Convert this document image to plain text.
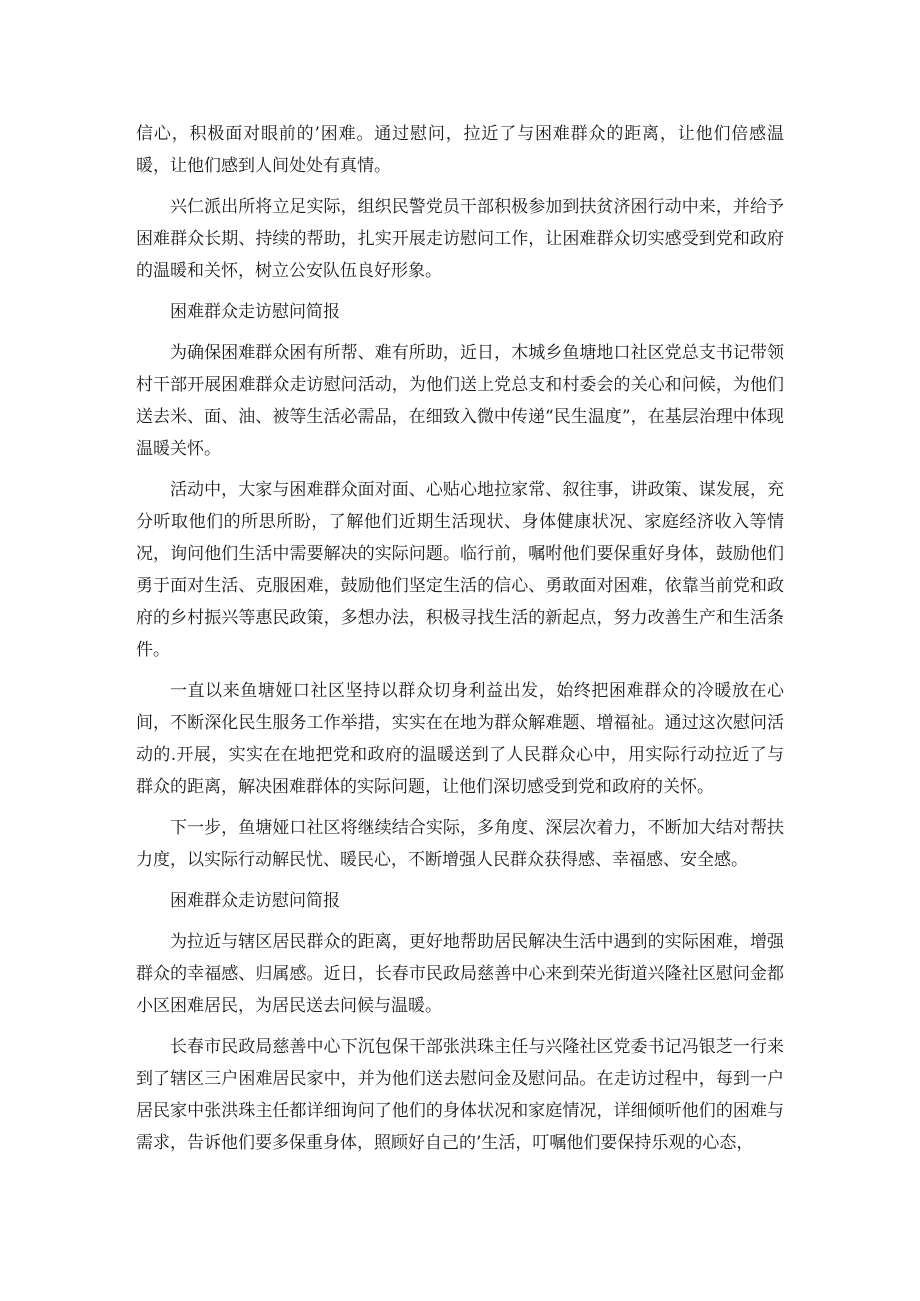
信心，积极面对眼前的’困难。通过慰问，拉近了与困难群众的距离，让他们倍感温暖，让他们感到人间处处有真情。

兴仁派出所将立足实际，组织民警党员干部积极参加到扶贫济困行动中来，并给予困难群众长期、持续的帮助，扎实开展走访慰问工作，让困难群众切实感受到党和政府的温暖和关怀，树立公安队伍良好形象。

困难群众走访慰问简报

为确保困难群众困有所帮、难有所助，近日，木城乡鱼塘地口社区党总支书记带领村干部开展困难群众走访慰问活动，为他们送上党总支和村委会的关心和问候，为他们送去米、面、油、被等生活必需品，在细致入微中传递“民生温度”，在基层治理中体现温暖关怀。

活动中，大家与困难群众面对面、心贴心地拉家常、叙往事，讲政策、谋发展，充分听取他们的所思所盼，了解他们近期生活现状、身体健康状况、家庭经济收入等情况，询问他们生活中需要解决的实际问题。临行前，嘱咐他们要保重好身体，鼓励他们勇于面对生活、克服困难，鼓励他们坚定生活的信心、勇敢面对困难，依靠当前党和政府的乡村振兴等惠民政策，多想办法，积极寻找生活的新起点，努力改善生产和生活条件。

一直以来鱼塘娅口社区坚持以群众切身利益出发，始终把困难群众的冷暖放在心间，不断深化民生服务工作举措，实实在在地为群众解难题、增福祉。通过这次慰问活动的.开展，实实在在地把党和政府的温暖送到了人民群众心中，用实际行动拉近了与群众的距离，解决困难群体的实际问题，让他们深切感受到党和政府的关怀。

下一步，鱼塘娅口社区将继续结合实际，多角度、深层次着力，不断加大结对帮扶力度，以实际行动解民忧、暖民心，不断增强人民群众获得感、幸福感、安全感。

困难群众走访慰问简报

为拉近与辖区居民群众的距离，更好地帮助居民解决生活中遇到的实际困难，增强群众的幸福感、归属感。近日，长春市民政局慈善中心来到荣光街道兴隆社区慰问金都小区困难居民，为居民送去问候与温暖。

长春市民政局慈善中心下沉包保干部张洪珠主任与兴隆社区党委书记冯银芝一行来到了辖区三户困难居民家中，并为他们送去慰问金及慰问品。在走访过程中，每到一户居民家中张洪珠主任都详细询问了他们的身体状况和家庭情况，详细倾听他们的困难与需求，告诉他们要多保重身体，照顾好自己的’生活，叮嘱他们要保持乐观的心态，
